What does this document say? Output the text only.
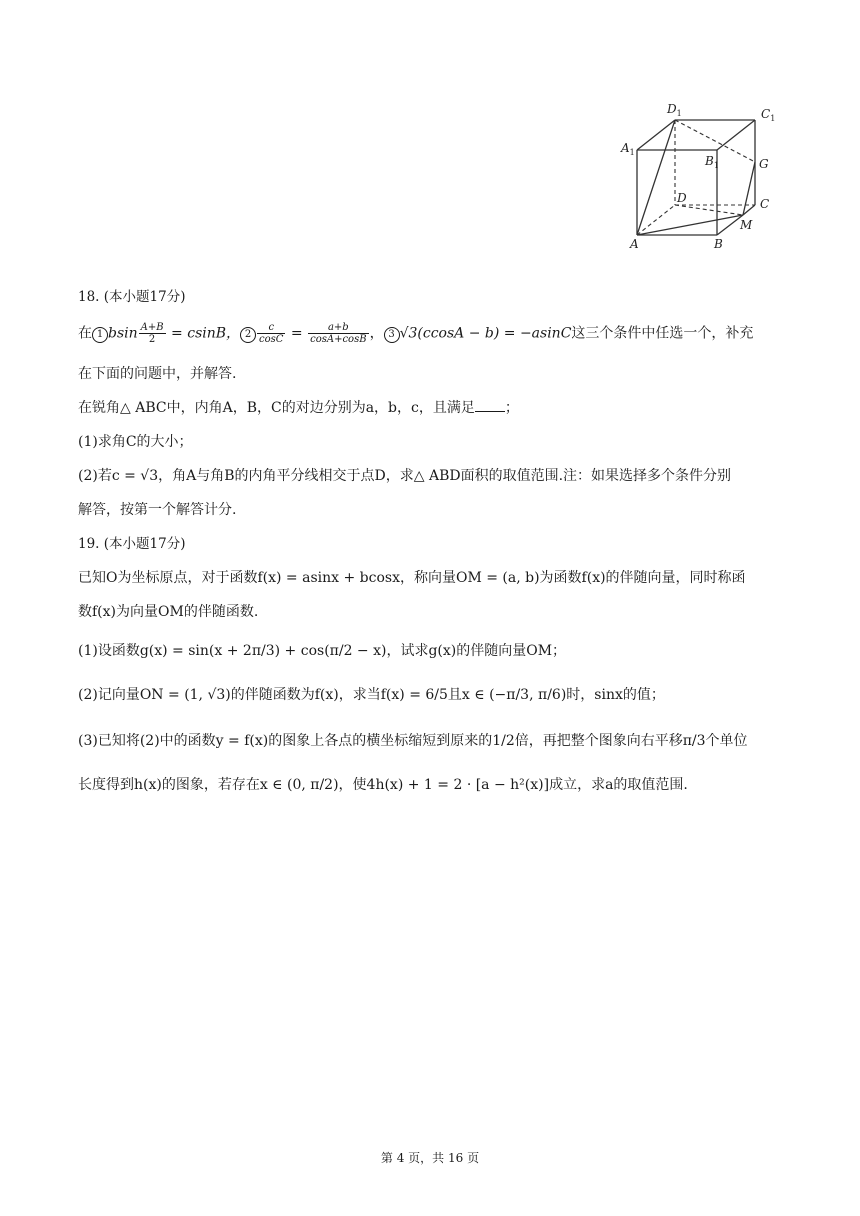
$D_1$	$C_1$
$A_1$
$B_1$	G
D	C
A	B
M
18. (本小题17分)
在 1 bsin $\frac{A+B}{2} = csinB$， $2 \frac{c}{\cos C} = \frac{a+b}{\cos A+\cos B}$ ， 3 √3(ccosA − b) = −asinC这三个条件中任选一个，补充
在下面的问题中，并解答.
在锐角△ ABC中，内角A，B，C的对边分别为a，b，c，且满足 ；
(1)求角C的大小；
(2)若c = √3，角A与角B的内角平分线相交于点D，求△ ABD面积的取值范围.注：如果选择多个条件分别
解答，按第一个解答计分.
19. (本小题17分)
已知O为坐标原点，对于函数f(x) = asinx + bcosx，称向量OM = (a, b)为函数f(x)的伴随向量，同时称函
数f(x)为向量OM的伴随函数.
(1)设函数g(x) = sin(x + 2π/3) + cos(π/2 − x)，试求g(x)的伴随向量OM；
(2)记向量ON = (1, √3)的伴随函数为f(x)，求当f(x) = 6/5且x ∈ (−π/3, π/6)时，sinx的值；
(3)已知将(2)中的函数y = f(x)的图象上各点的横坐标缩短到原来的1/2倍，再把整个图象向右平移π/3个单位
长度得到h(x)的图象，若存在x ∈ (0, π/2)，使4h(x) + 1 = 2 · [a − h²(x)]成立，求a的取值范围.
第 4 页，共 16 页
